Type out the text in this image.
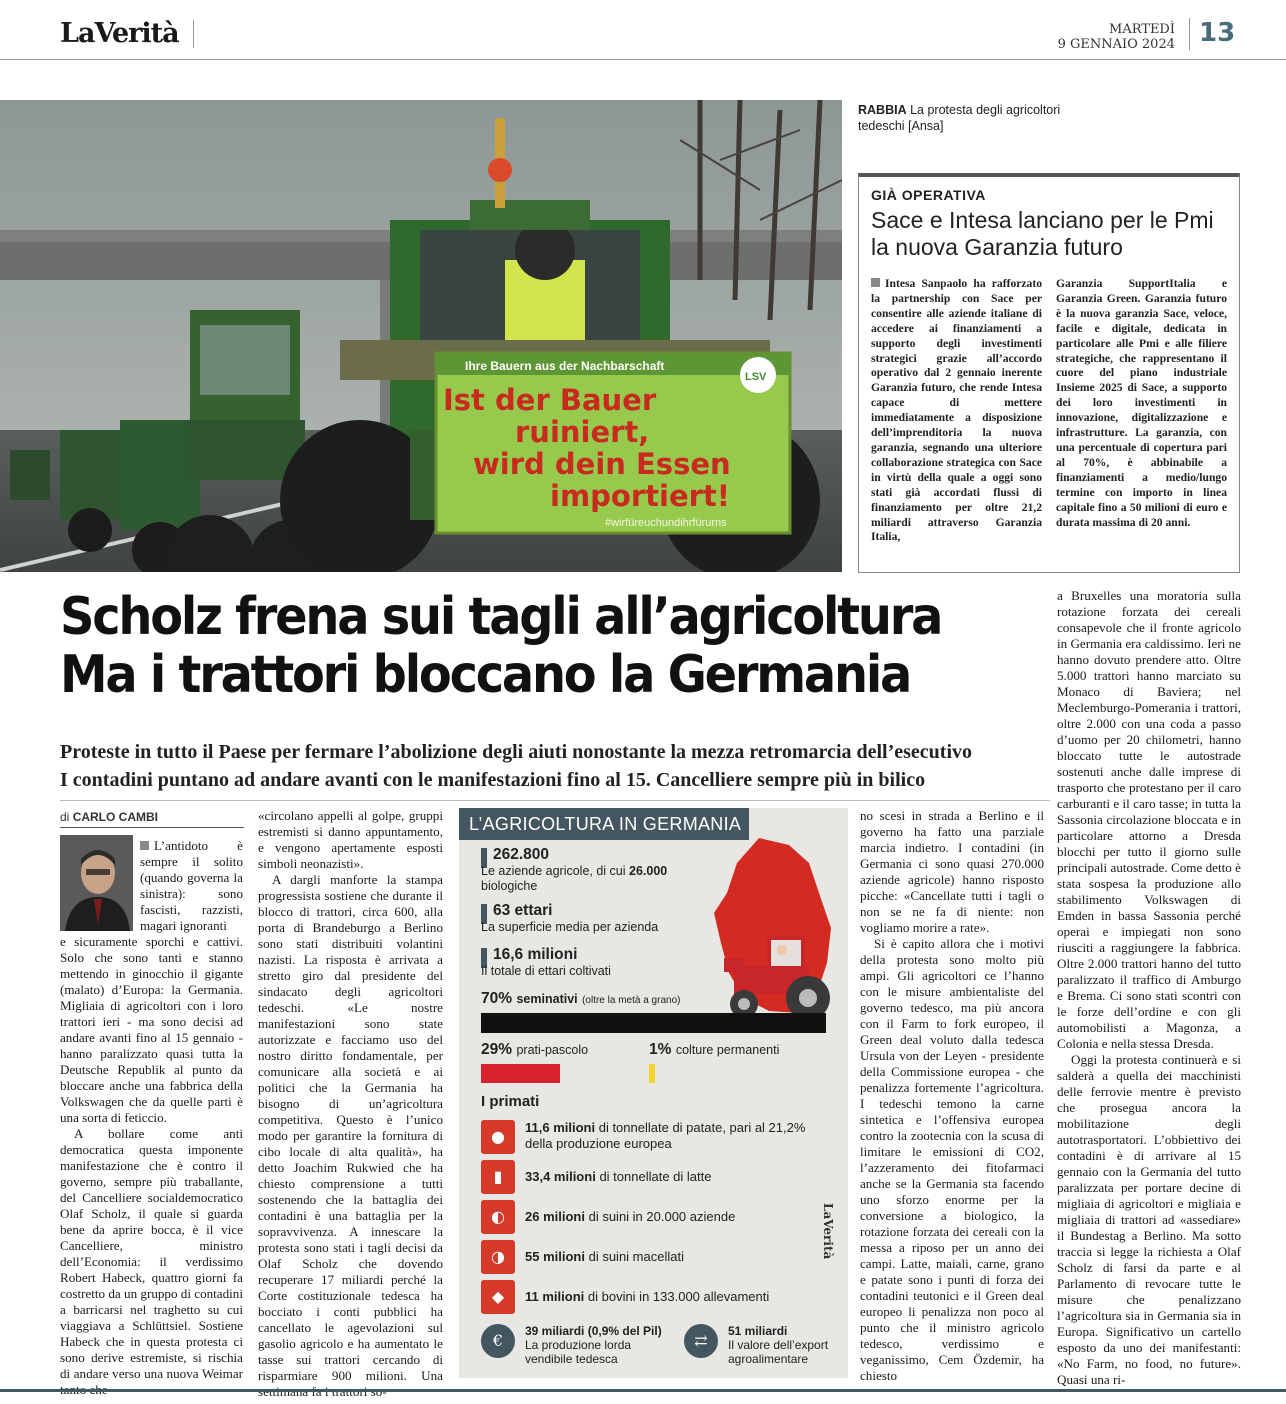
LaVerità	MARTEDÌ
9 GENNAIO 2024 13
Ihre Bauern aus der Nachbarschaft
LSV
Ist der Bauer
ruiniert,
wird dein Essen
importiert!
#wirfüreuchundihrfürurns
RABBIA La protesta degli agricoltori tedeschi [Ansa]
GIÀ OPERATIVA
Sace e Intesa lanciano per le Pmi la nuova Garanzia futuro
Intesa Sanpaolo ha rafforzato la partnership con Sace per consentire alle aziende italiane di accedere ai finanziamenti a supporto degli investimenti strategici grazie all’accordo operativo dal 2 gennaio inerente Garanzia futuro, che rende Intesa capace di mettere immediatamente a disposizione dell’imprenditoria la nuova garanzia, segnando una ulteriore collaborazione strategica con Sace in virtù della quale a oggi sono stati già accordati flussi di finanziamento per oltre 21,2 miliardi attraverso Garanzia Italia,
Garanzia SupportItalia e Garanzia Green. Garanzia futuro è la nuova garanzia Sace, veloce, facile e digitale, dedicata in particolare alle Pmi e alle filiere strategiche, che rappresentano il cuore del piano industriale Insieme 2025 di Sace, a supporto dei loro investimenti in innovazione, digitalizzazione e infrastrutture. La garanzia, con una percentuale di copertura pari al 70%, è abbinabile a finanziamenti a medio/lungo termine con importo in linea capitale fino a 50 milioni di euro e durata massima di 20 anni.
Scholz frena sui tagli all’agricoltura
Ma i trattori bloccano la Germania
Proteste in tutto il Paese per fermare l’abolizione degli aiuti nonostante la mezza retromarcia dell’esecutivo
I contadini puntano ad andare avanti con le manifestazioni fino al 15. Cancelliere sempre più in bilico
di CARLO CAMBI

L’antidoto è sempre il solito (quando governa la sinistra): sono fascisti, razzisti, magari ignoranti

e sicuramente sporchi e cattivi. Solo che sono tanti e stanno mettendo in ginocchio il gigante (malato) d’Europa: la Germania. Migliaia di agricoltori con i loro trattori ieri - ma sono decisi ad andare avanti fino al 15 gennaio - hanno paralizzato quasi tutta la Deutsche Republik al punto da bloccare anche una fabbrica della Volkswagen che da quelle parti è una sorta di feticcio.

A bollare come anti democratica questa imponente manifestazione che è contro il governo, sempre più traballante, del Cancelliere socialdemocratico Olaf Scholz, il quale si guarda bene da aprire bocca, è il vice Cancelliere, ministro dell’Economia: il verdissimo Robert Habeck, quattro giorni fa costretto da un gruppo di contadini a barricarsi nel traghetto su cui viaggiava a Schlüttsiel. Sostiene Habeck che in questa protesta ci sono derive estremiste, si rischia di andare verso una nuova Weimar

«circolano appelli al golpe, gruppi estremisti si danno appuntamento, e vengono apertamente esposti simboli neonazisti».

A dargli manforte la stampa progressista sostiene che durante il blocco di trattori, circa 600, alla porta di Brandeburgo a Berlino sono stati distribuiti volantini nazisti. La risposta è arrivata a stretto giro dal presidente del sindacato degli agricoltori tedeschi. «Le nostre manifestazioni sono state autorizzate e facciamo uso del nostro diritto fondamentale, per comunicare alla società e ai politici che la Germania ha bisogno di un’agricoltura competitiva. Questo è l’unico modo per garantire la fornitura di cibo locale di alta qualità», ha detto Joachim Rukwied che ha chiesto comprensione a tutti sostenendo che la battaglia dei contadini è una battaglia per la sopravvivenza. A innescare la protesta sono stati i tagli decisi da Olaf Scholz che dovendo recuperare 17 miliardi perché la Corte costituzionale tedesca ha bocciato i conti pubblici ha cancellato le agevolazioni sul gasolio agricolo e ha aumentato le tasse sui trattori cercando di risparmiare 900 milioni. Una

L’AGRICOLTURA IN GERMANIA
262.800
Le aziende agricole, di cui 26.000
biologiche
63 ettari
La superficie media per azienda
16,6 milioni
Il totale di ettari coltivati
70% seminativi (oltre la metà a grano)
29% prati-pascolo	1% colture permanenti
I primati
●	11,6 milioni di tonnellate di patate, pari al 21,2%
della produzione europea
▮	33,4 milioni di tonnellate di latte
◐	26 milioni di suini in 20.000 aziende
◑	55 milioni di suini macellati
◆	11 milioni di bovini in 133.000 allevamenti
€	39 miliardi (0,9% del Pil)
La produzione lorda
vendibile tedesca
⇄	51 miliardi
Il valore dell’export
agroalimentare
LaVerità

no scesi in strada a Berlino e il governo ha fatto una parziale marcia indietro. I contadini (in Germania ci sono quasi 270.000 aziende agricole) hanno risposto picche: «Cancellate tutti i tagli o non se ne fa di niente: non vogliamo morire a rate».

Si è capito allora che i motivi della protesta sono molto più ampi. Gli agricoltori ce l’hanno con le misure ambientaliste del governo tedesco, ma più ancora con il Farm to fork europeo, il Green deal voluto dalla tedesca Ursula von der Leyen - presidente della Commissione europea - che penalizza fortemente l’agricoltura. I tedeschi temono la carne sintetica e l’offensiva europea contro la zootecnia con la scusa di limitare le emissioni di CO2, l’azzeramento dei fitofarmaci anche se la Germania sta facendo uno sforzo enorme per la conversione a biologico, la rotazione forzata dei cereali con la messa a riposo per un anno dei campi. Latte, maiali, carne, grano e patate sono i punti di forza dei contadini teutonici e il Green deal europeo li penalizza non poco al punto che il ministro agricolo tedesco, verdissimo e veganissimo, Cem Özdemir, ha chiesto

a Bruxelles una moratoria sulla rotazione forzata dei cereali consapevole che il fronte agricolo in Germania era caldissimo. Ieri ne hanno dovuto prendere atto. Oltre 5.000 trattori hanno marciato su Monaco di Baviera; nel Meclemburgo-Pomerania i trattori, oltre 2.000 con una coda a passo d’uomo per 20 chilometri, hanno bloccato tutte le autostrade sostenuti anche dalle imprese di trasporto che protestano per il caro carburanti e il caro tasse; in tutta la Sassonia circolazione bloccata e in particolare attorno a Dresda blocchi per tutto il giorno sulle principali autostrade. Come detto è stata sospesa la produzione allo stabilimento Volkswagen di Emden in bassa Sassonia perché operai e impiegati non sono riusciti a raggiungere la fabbrica. Oltre 2.000 trattori hanno del tutto paralizzato il traffico di Amburgo e Brema. Ci sono stati scontri con le forze dell’ordine e con gli automobilisti a Magonza, a Colonia e nella stessa Dresda.

Oggi la protesta continuerà e si salderà a quella dei macchinisti delle ferrovie mentre è previsto che prosegua ancora la mobilitazione degli autotrasportatori. L’obbiettivo dei contadini è di arrivare al 15 gennaio con la Germania del tutto paralizzata per portare decine di migliaia di agricoltori e migliaia e migliaia di trattori ad «assediare» il Bundestag a Berlino. Ma sotto traccia si legge la richiesta a Olaf Scholz di farsi da parte e al Parlamento di revocare tutte le misure che penalizzano l’agricoltura sia in Germania sia in Europa. Significativo un cartello esposto da uno dei manifestanti: «No Farm, no food, no future». Quasi una ri-
